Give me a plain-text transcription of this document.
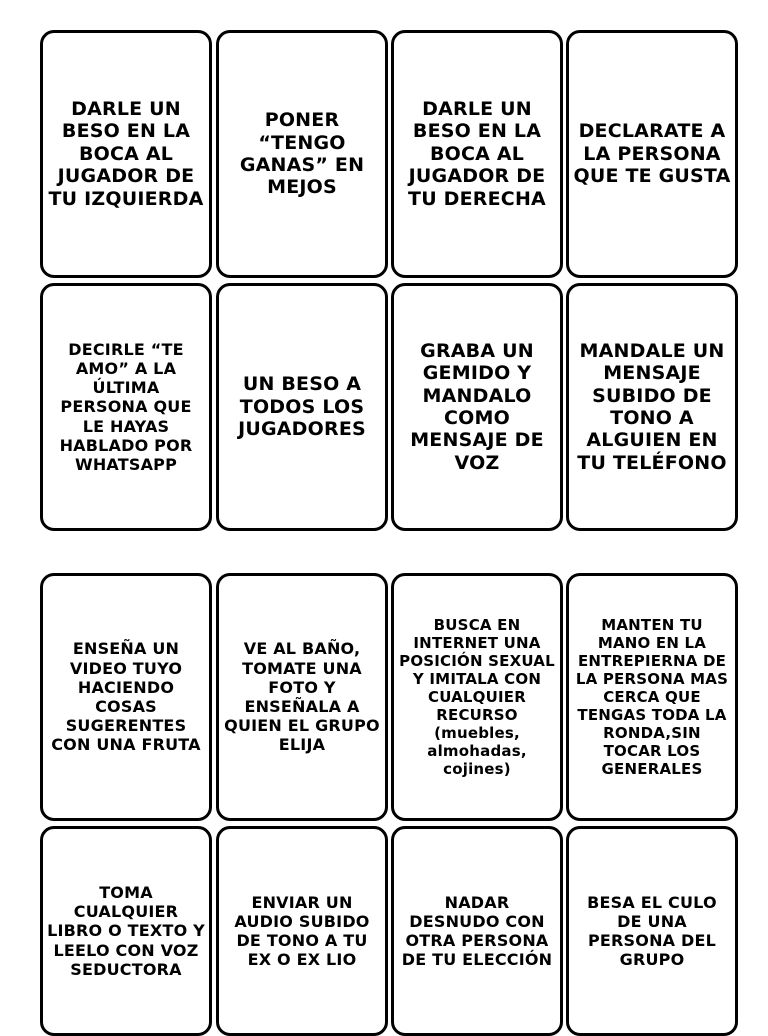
DARLE UN BESO EN LA BOCA AL JUGADOR DE TU IZQUIERDA
PONER “TENGO GANAS” EN MEJOS
DARLE UN BESO EN LA BOCA AL JUGADOR DE TU DERECHA
DECLARATE A LA PERSONA QUE TE GUSTA
DECIRLE “TE AMO” A LA ÚLTIMA PERSONA QUE LE HAYAS HABLADO POR WHATSAPP
UN BESO A TODOS LOS JUGADORES
GRABA UN GEMIDO Y MANDALO COMO MENSAJE DE VOZ
MANDALE UN MENSAJE SUBIDO DE TONO A ALGUIEN EN TU TELÉFONO
ENSEÑA UN VIDEO TUYO HACIENDO COSAS SUGERENTES CON UNA FRUTA
VE AL BAÑO, TOMATE UNA FOTO Y ENSEÑALA A QUIEN EL GRUPO ELIJA
BUSCA EN INTERNET UNA POSICIÓN SEXUAL Y IMITALA CON CUALQUIER RECURSO (muebles, almohadas, cojines)
MANTEN TU MANO EN LA ENTREPIERNA DE LA PERSONA MAS CERCA QUE TENGAS TODA LA RONDA,SIN TOCAR LOS GENERALES
TOMA CUALQUIER LIBRO O TEXTO Y LEELO CON VOZ SEDUCTORA
ENVIAR UN AUDIO SUBIDO DE TONO A TU EX O EX LIO
NADAR DESNUDO CON OTRA PERSONA DE TU ELECCIÓN
BESA EL CULO DE UNA PERSONA DEL GRUPO
